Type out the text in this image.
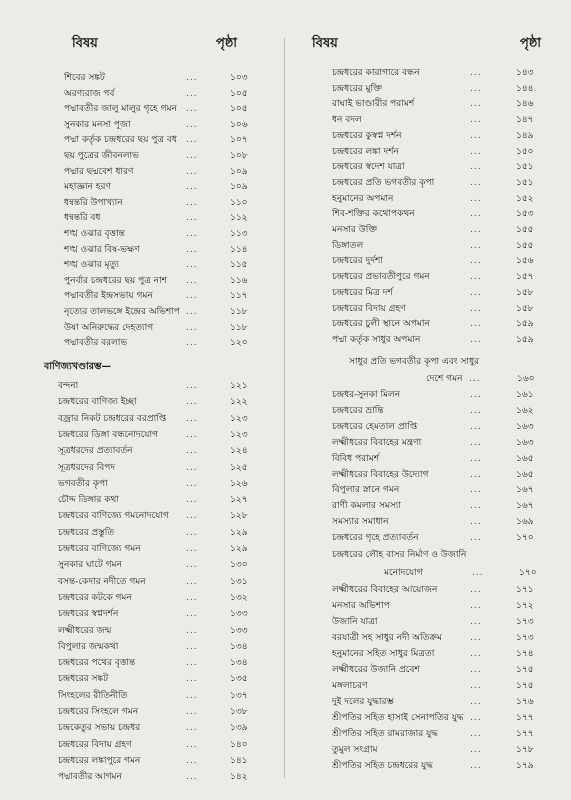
বিষয়	পৃষ্ঠা
শিবের সঙ্কট	...	১০৩
অরণ্যরাজ পর্ব	...	১০৫
পদ্মাবতীর জালু মালুর গৃহে গমন ...	১০৫
সুনকার মনসা পূজা	...	১০৬
পদ্মা কর্তৃক চন্দ্রধরের ছয় পুত্র বধ ...	১০৭
ছয় পুত্রের জীবনলাভ	...	১০৮
পদ্মার ছদ্মবেশ ধারণ	...	১০৯
মহাজ্ঞান হরণ	...	১০৯
ধন্বন্তরি উপাখ্যান	...	১১০
ধন্বন্তরি বধ	...	১১২
শঙ্খ ওঝার বৃত্তান্ত	...	১১৩
শঙ্খ ওঝার বিষ-ভক্ষণ	...	১১৪
শঙ্খ ওঝার মৃত্যু	...	১১৫
পুনর্বার চন্দ্রধরের ছয় পুত্র নাশ ...	১১৬
পদ্মাবতীর ইন্দ্রসভায় গমন	...	১১৭
নৃত্যের তালভঙ্গে ইন্দ্রের অভিশাপ ...	১১৮
উষা অনিরুদ্ধের দেহত্যাগ	...	১১৮
পদ্মাবতীর বরলাভ	...	১২০
বাণিজ্যখণ্ডারম্ভ—
বন্দনা	...	১২১
চন্দ্রধরের বাণিজ্য ইচ্ছা	...	১২২
বজ্রার নিকট চন্দ্রধরের বরপ্রাপ্তি ...	১২৩
চন্দ্রধরের ডিঙ্গা বন্ধনোদযোগ	...	১২৩
সূত্রধরদের প্রত্যাবর্তন	...	১২৪
সূত্রধরদের বিপদ	...	১২৫
ভগবতীর কৃপা	...	১২৬
চৌদ্দ ডিঙ্গার কথা	...	১২৭
চন্দ্রধরের বাণিজ্যে গমনোদযোগ ...	১২৮
চন্দ্রধরের প্রস্তুতি	...	১২৯
চন্দ্রধরের বাণিজ্যে গমন	...	১২৯
সুনকার ঘাটে গমন	...	১৩০
বসন্ত-কেদার নদীতে গমন	...	১৩১
চন্দ্রধরের কটকে গমন	...	১৩২
চন্দ্রধরের স্বপ্নদর্শন	...	১৩৩
লক্ষ্মীধরের জন্ম	...	১৩৩
বিপুলার জন্মকথা	...	১৩৪
চন্দ্রধরের পথের বৃত্তান্ত	...	১৩৪
চন্দ্রধরের সঙ্কট	...	১৩৫
সিংহলের রীতিনীতি	...	১৩৭
চন্দ্রধরের সিংহলে গমন	...	১৩৮
চন্দ্রকেতুর সভায় চন্দ্রধর	...	১৩৯
চন্দ্রধরের বিদায় গ্রহণ	...	১৪০
চন্দ্রধরের লঙ্কাপুরে গমন	...	১৪১
পদ্মাবতীর আগমন	...	১৪২
বিষয়	পৃষ্ঠা
চন্দ্রধরের কারাগারে বন্ধন	...	১৪৩
চন্দ্রধরের মুক্তি	...	১৪৪
রাঘাই ভাণ্ডারীর পরামর্শ	...	১৪৬
ধন বদল	...	১৪৭
চন্দ্রধরের কুস্বপ্ন দর্শন	...	১৪৯
চন্দ্রধরের লঙ্কা দর্শন	...	১৫০
চন্দ্রধরের স্বদেশ যাত্রা	...	১৫১
চন্দ্রধরের প্রতি ভগবতীর কৃপা	...	১৫১
হনুমানের অপমান	...	১৫২
শিব-শক্তির কথোপকথন	...	১৫৩
মনসার উক্তি	...	১৫৫
ডিঙ্গাতল	...	১৫৫
চন্দ্রধরের দুর্দশা	...	১৫৬
চন্দ্রধরের প্রভাবতীপুরে গমন	...	১৫৭
চন্দ্রধরের মিত্র দর্শ	...	১৫৮
চন্দ্রধরের বিদায় গ্রহণ	...	১৫৮
চন্দ্রধরের চুলী স্থানে অপমান	...	১৫৯
পদ্মা কর্তৃক সাধুর অপমান	...	১৫৯
সাধুর প্রতি ভগবতীর কৃপা এবং সাধুর
দেশে গমন ...	১৬০
চন্দ্রধর-সুনকা মিলন	...	১৬১
চন্দ্রধরের ভ্রান্তি	...	১৬২
চন্দ্রধরের হেমতাল প্রাপ্তি	...	১৬৩
লক্ষ্মীধরের বিবাহের মন্ত্রণা	...	১৬৩
বিবিধ পরামর্শ	...	১৬৫
লক্ষ্মীধরের বিবাহের উদ্যোগ	...	১৬৫
বিপুলার স্নানে গমন	...	১৬৭
রাণী কমলার সমস্যা	...	১৬৭
সমস্যার সমাধান	...	১৬৯
চন্দ্রধরের গৃহে প্রত্যাবর্তন	...	১৭০
চন্দ্রধরের লৌহ বাসর নির্মাণ ও উজানি
মনোদযোগ	...	১৭০
লক্ষ্মীধরের বিবাহের আয়োজন	...	১৭১
মনসার অভিশাপ	...	১৭২
উজানি যাত্রা	...	১৭৩
বরযাত্রী সহ সাধুর নদী অতিক্রম	...	১৭৩
হনুমানের সহিত সাধুর মিত্রতা	...	১৭৪
লক্ষ্মীধরের উজানি প্রবেশ	...	১৭৫
মঙ্গলাচরণ	...	১৭৫
দুই দলের যুদ্ধারম্ভ	...	১৭৬
শ্রীপতির সহিত হাসাই সেনাপতির যুদ্ধ ...	১৭৭
শ্রীপতির সহিত রামরাজার যুদ্ধ	...	১৭৭
তুমুল সংগ্রাম	...	১৭৮
শ্রীপতির সহিত চন্দ্রধরের যুদ্ধ	...	১৭৯
